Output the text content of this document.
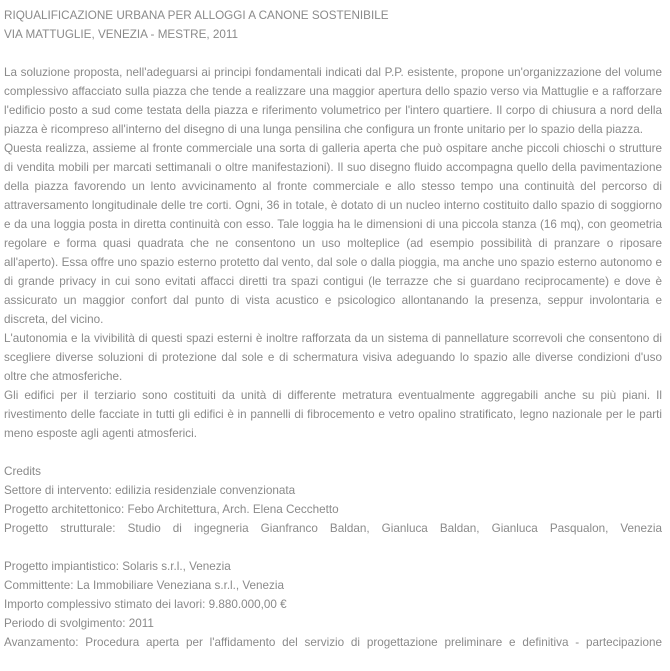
RIQUALIFICAZIONE URBANA PER ALLOGGI A CANONE SOSTENIBILE
VIA MATTUGLIE, VENEZIA - MESTRE, 2011

La soluzione proposta, nell'adeguarsi ai principi fondamentali indicati dal P.P. esistente, propone un'organizzazione del volume complessivo affacciato sulla piazza che tende a realizzare una maggior apertura dello spazio verso via Mattuglie e a rafforzare l'edificio posto a sud come testata della piazza e riferimento volumetrico per l'intero quartiere. Il corpo di chiusura a nord della piazza è ricompreso all'interno del disegno di una lunga pensilina che configura un fronte unitario per lo spazio della piazza.

Questa realizza, assieme al fronte commerciale una sorta di galleria aperta che può ospitare anche piccoli chioschi o strutture di vendita mobili per marcati settimanali o oltre manifestazioni). Il suo disegno fluido accompagna quello della pavimentazione della piazza favorendo un lento avvicinamento al fronte commerciale e allo stesso tempo una continuità del percorso di attraversamento longitudinale delle tre corti. Ogni, 36 in totale, è dotato di un nucleo interno costituito dallo spazio di soggiorno e da una loggia posta in diretta continuità con esso. Tale loggia ha le dimensioni di una piccola stanza (16 mq), con geometria regolare e forma quasi quadrata che ne consentono un uso molteplice (ad esempio possibilità di pranzare o riposare all'aperto). Essa offre uno spazio esterno protetto dal vento, dal sole o dalla pioggia, ma anche uno spazio esterno autonomo e di grande privacy in cui sono evitati affacci diretti tra spazi contigui (le terrazze che si guardano reciprocamente) e dove è assicurato un maggior confort dal punto di vista acustico e psicologico allontanando la presenza, seppur involontaria e discreta, del vicino.

L'autonomia e la vivibilità di questi spazi esterni è inoltre rafforzata da un sistema di pannellature scorrevoli che consentono di scegliere diverse soluzioni di protezione dal sole e di schermatura visiva adeguando lo spazio alle diverse condizioni d'uso oltre che atmosferiche.

Gli edifici per il terziario sono costituiti da unità di differente metratura eventualmente aggregabili anche su più piani. Il rivestimento delle facciate in tutti gli edifici è in pannelli di fibrocemento e vetro opalino stratificato, legno nazionale per le parti meno esposte agli agenti atmosferici.

Credits
Settore di intervento: edilizia residenziale convenzionata
Progetto architettonico: Febo Architettura, Arch. Elena Cecchetto
Progetto strutturale: Studio di ingegneria Gianfranco Baldan, Gianluca Baldan, Gianluca Pasqualon, Venezia
Progetto impiantistico: Solaris s.r.l., Venezia
Committente: La Immobiliare Veneziana s.r.l., Venezia
Importo complessivo stimato dei lavori: 9.880.000,00 €
Periodo di svolgimento: 2011
Avanzamento: Procedura aperta per l'affidamento del servizio di progettazione preliminare e definitiva - partecipazione
